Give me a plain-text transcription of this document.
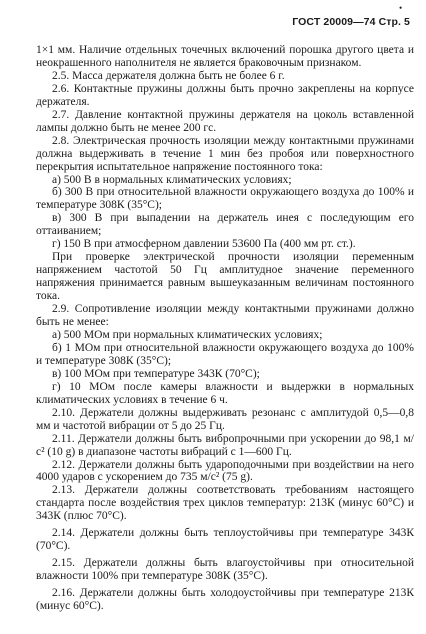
•
ГОСТ 20009—74 Стр. 5

1×1 мм. Наличие отдельных точечных включений порошка другого цвета и неокрашенного наполнителя не является браковочным признаком.

2.5. Масса держателя должна быть не более 6 г.

2.6. Контактные пружины должны быть прочно закреплены на корпусе держателя.

2.7. Давление контактной пружины держателя на цоколь вставленной лампы должно быть не менее 200 гс.

2.8. Электрическая прочность изоляции между контактными пружинами должна выдерживать в течение 1 мин без пробоя или поверхностного перекрытия испытательное напряжение постоянного тока:

а) 500 В в нормальных климатических условиях;

б) 300 В при относительной влажности окружающего воздуха до 100% и температуре 308К (35°С);

в) 300 В при выпадении на держатель инея с последующим его оттаиванием;

г) 150 В при атмосферном давлении 53600 Па (400 мм рт. ст.).

При проверке электрической прочности изоляции переменным напряжением частотой 50 Гц амплитудное значение переменного напряжения принимается равным вышеуказанным величинам постоянного тока.

2.9. Сопротивление изоляции между контактными пружинами должно быть не менее:

а) 500 МОм при нормальных климатических условиях;

б) 1 МОм при относительной влажности окружающего воздуха до 100% и температуре 308К (35°С);

в) 100 МОм при температуре 343К (70°С);

г) 10 МОм после камеры влажности и выдержки в нормальных климатических условиях в течение 6 ч.

2.10. Держатели должны выдерживать резонанс с амплитудой 0,5—0,8 мм и частотой вибрации от 5 до 25 Гц.

2.11. Держатели должны быть вибропрочными при ускорении до 98,1 м/с² (10 g) в диапазоне частоты вибраций с 1—600 Гц.

2.12. Держатели должны быть удароподочными при воздействии на него 4000 ударов с ускорением до 735 м/с² (75 g).

2.13. Держатели должны соответствовать требованиям настоящего стандарта после воздействия трех циклов температур: 213К (минус 60°С) и 343К (плюс 70°С).

2.14. Держатели должны быть теплоустойчивы при температуре 343К (70°С).

2.15. Держатели должны быть влагоустойчивы при относительной влажности 100% при температуре 308К (35°С).

2.16. Держатели должны быть холодоустойчивы при температуре 213К (минус 60°С).
